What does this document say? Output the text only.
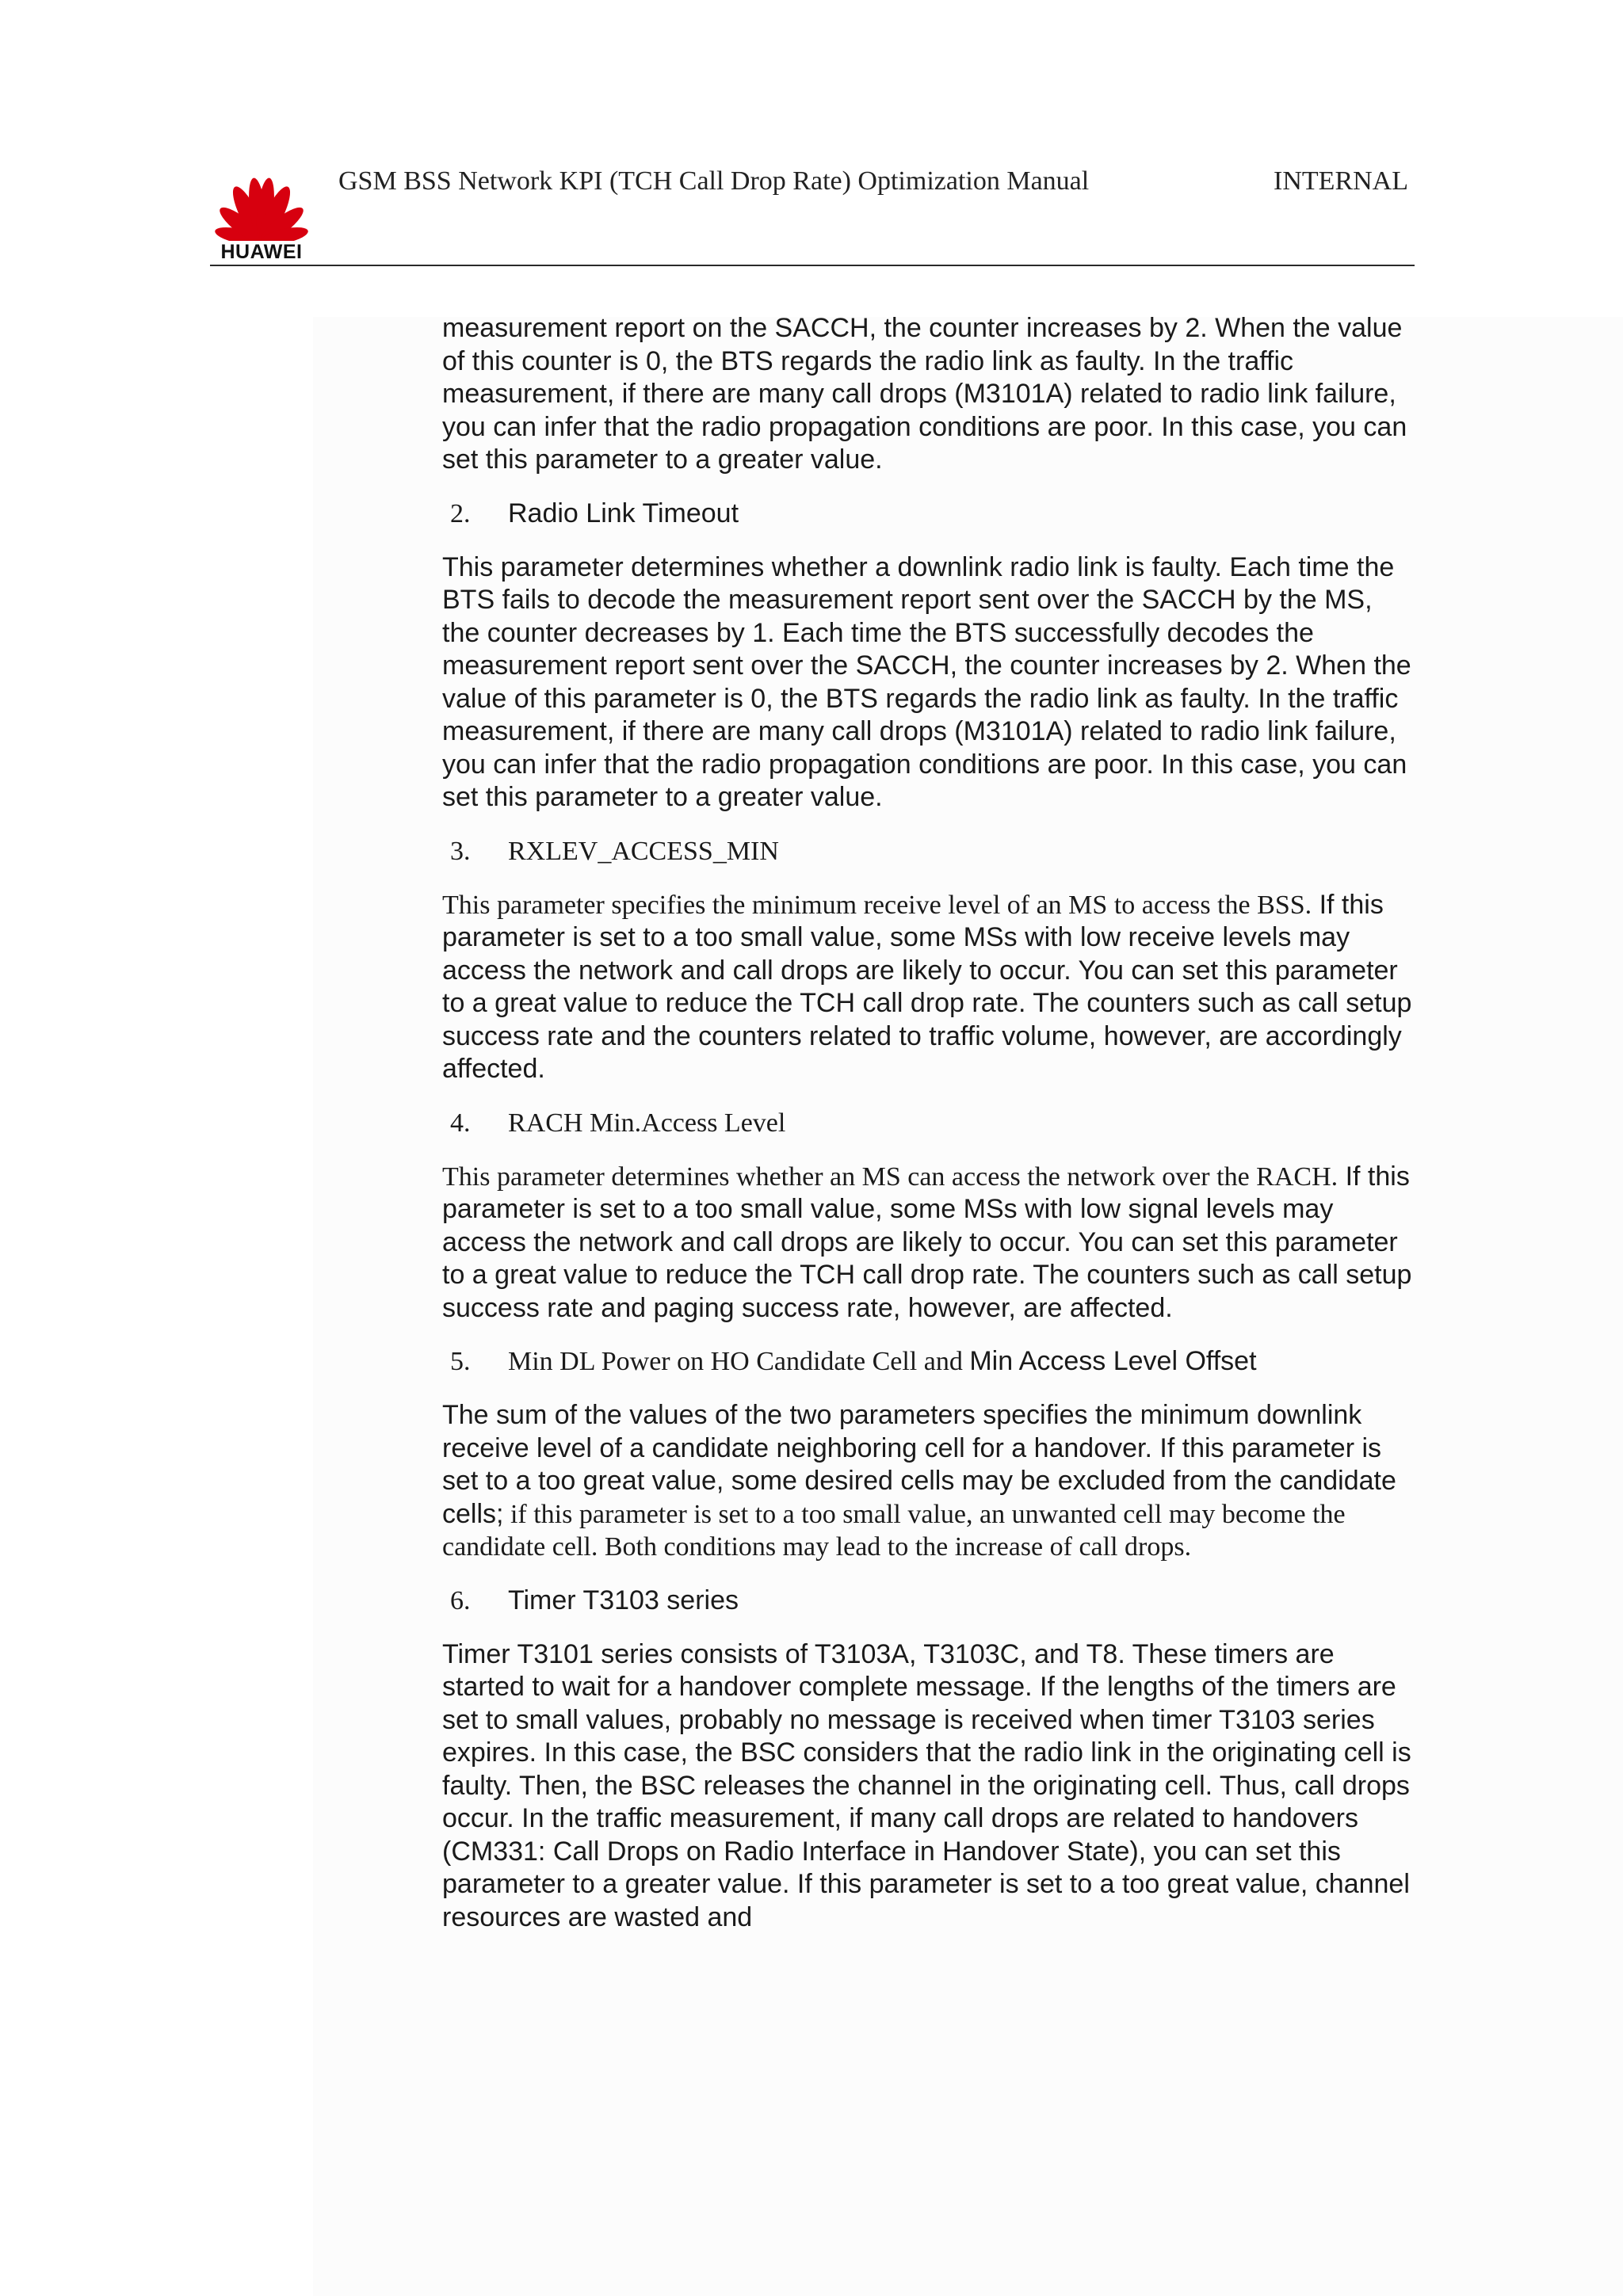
HUAWEI
GSM BSS Network KPI (TCH Call Drop Rate) Optimization Manual	INTERNAL

measurement report on the SACCH, the counter increases by 2. When the value of this counter is 0, the BTS regards the radio link as faulty. In the traffic measurement, if there are many call drops (M3101A) related to radio link failure, you can infer that the radio propagation conditions are poor. In this case, you can set this parameter to a greater value.

2. Radio Link Timeout

This parameter determines whether a downlink radio link is faulty. Each time the BTS fails to decode the measurement report sent over the SACCH by the MS, the counter decreases by 1. Each time the BTS successfully decodes the measurement report sent over the SACCH, the counter increases by 2. When the value of this parameter is 0, the BTS regards the radio link as faulty. In the traffic measurement, if there are many call drops (M3101A) related to radio link failure, you can infer that the radio propagation conditions are poor. In this case, you can set this parameter to a greater value.

3. RXLEV_ACCESS_MIN

This parameter specifies the minimum receive level of an MS to access the BSS. If this parameter is set to a too small value, some MSs with low receive levels may access the network and call drops are likely to occur. You can set this parameter to a great value to reduce the TCH call drop rate. The counters such as call setup success rate and the counters related to traffic volume, however, are accordingly affected.

4. RACH Min.Access Level

This parameter determines whether an MS can access the network over the RACH. If this parameter is set to a too small value, some MSs with low signal levels may access the network and call drops are likely to occur. You can set this parameter to a great value to reduce the TCH call drop rate. The counters such as call setup success rate and paging success rate, however, are affected.

5. Min DL Power on HO Candidate Cell and Min Access Level Offset

The sum of the values of the two parameters specifies the minimum downlink receive level of a candidate neighboring cell for a handover. If this parameter is set to a too great value, some desired cells may be excluded from the candidate cells; if this parameter is set to a too small value, an unwanted cell may become the candidate cell. Both conditions may lead to the increase of call drops.

6. Timer T3103 series

Timer T3101 series consists of T3103A, T3103C, and T8. These timers are started to wait for a handover complete message. If the lengths of the timers are set to small values, probably no message is received when timer T3103 series expires. In this case, the BSC considers that the radio link in the originating cell is faulty. Then, the BSC releases the channel in the originating cell. Thus, call drops occur. In the traffic measurement, if many call drops are related to handovers (CM331: Call Drops on Radio Interface in Handover State), you can set this parameter to a greater value. If this parameter is set to a too great value, channel resources are wasted and
